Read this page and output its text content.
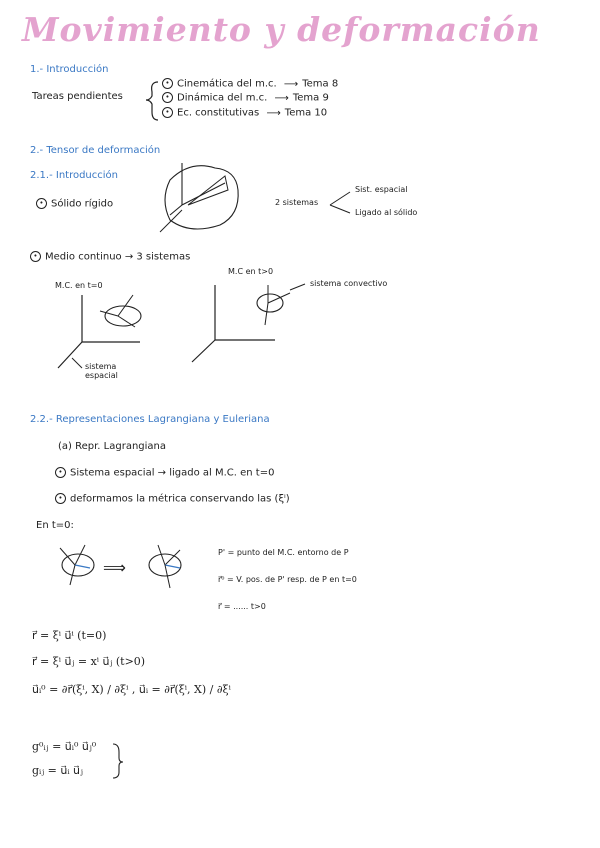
Movimiento y deformación
1.- Introducción
Tareas pendientes
• Cinemática del m.c. ⟶ Tema 8
• Dinámica del m.c. ⟶ Tema 9
• Ec. constitutivas ⟶ Tema 10
2.- Tensor de deformación
2.1.- Introducción
• Sólido rígido	2 sistemas
Sist. espacial
Ligado al sólido
• Medio continuo → 3 sistemas
M.C. en t=0
M.C en t>0
sistema convectivo
sistema espacial
2.2.- Representaciones Lagrangiana y Euleriana
(a) Repr. Lagrangiana
• Sistema espacial → ligado al M.C. en t=0
• deformamos la métrica conservando las (ξⁱ)
En t=0:
⟹
P' = punto del M.C. entorno de P
r⃗⁰ = V. pos. de P' resp. de P en t=0
r⃗ = ...... t>0
r⃗ = ξⁱ u⃗ⁱ (t=0)
r⃗ = ξⁱ u⃗ⱼ = xⁱ u⃗ⱼ (t>0)
u⃗ᵢ⁰ = ∂r⃗(ξⁱ, X) / ∂ξⁱ , u⃗ᵢ = ∂r⃗(ξⁱ, X) / ∂ξⁱ
g⁰ᵢⱼ = u⃗ᵢ⁰ u⃗ⱼ⁰
gᵢⱼ = u⃗ᵢ u⃗ⱼ
